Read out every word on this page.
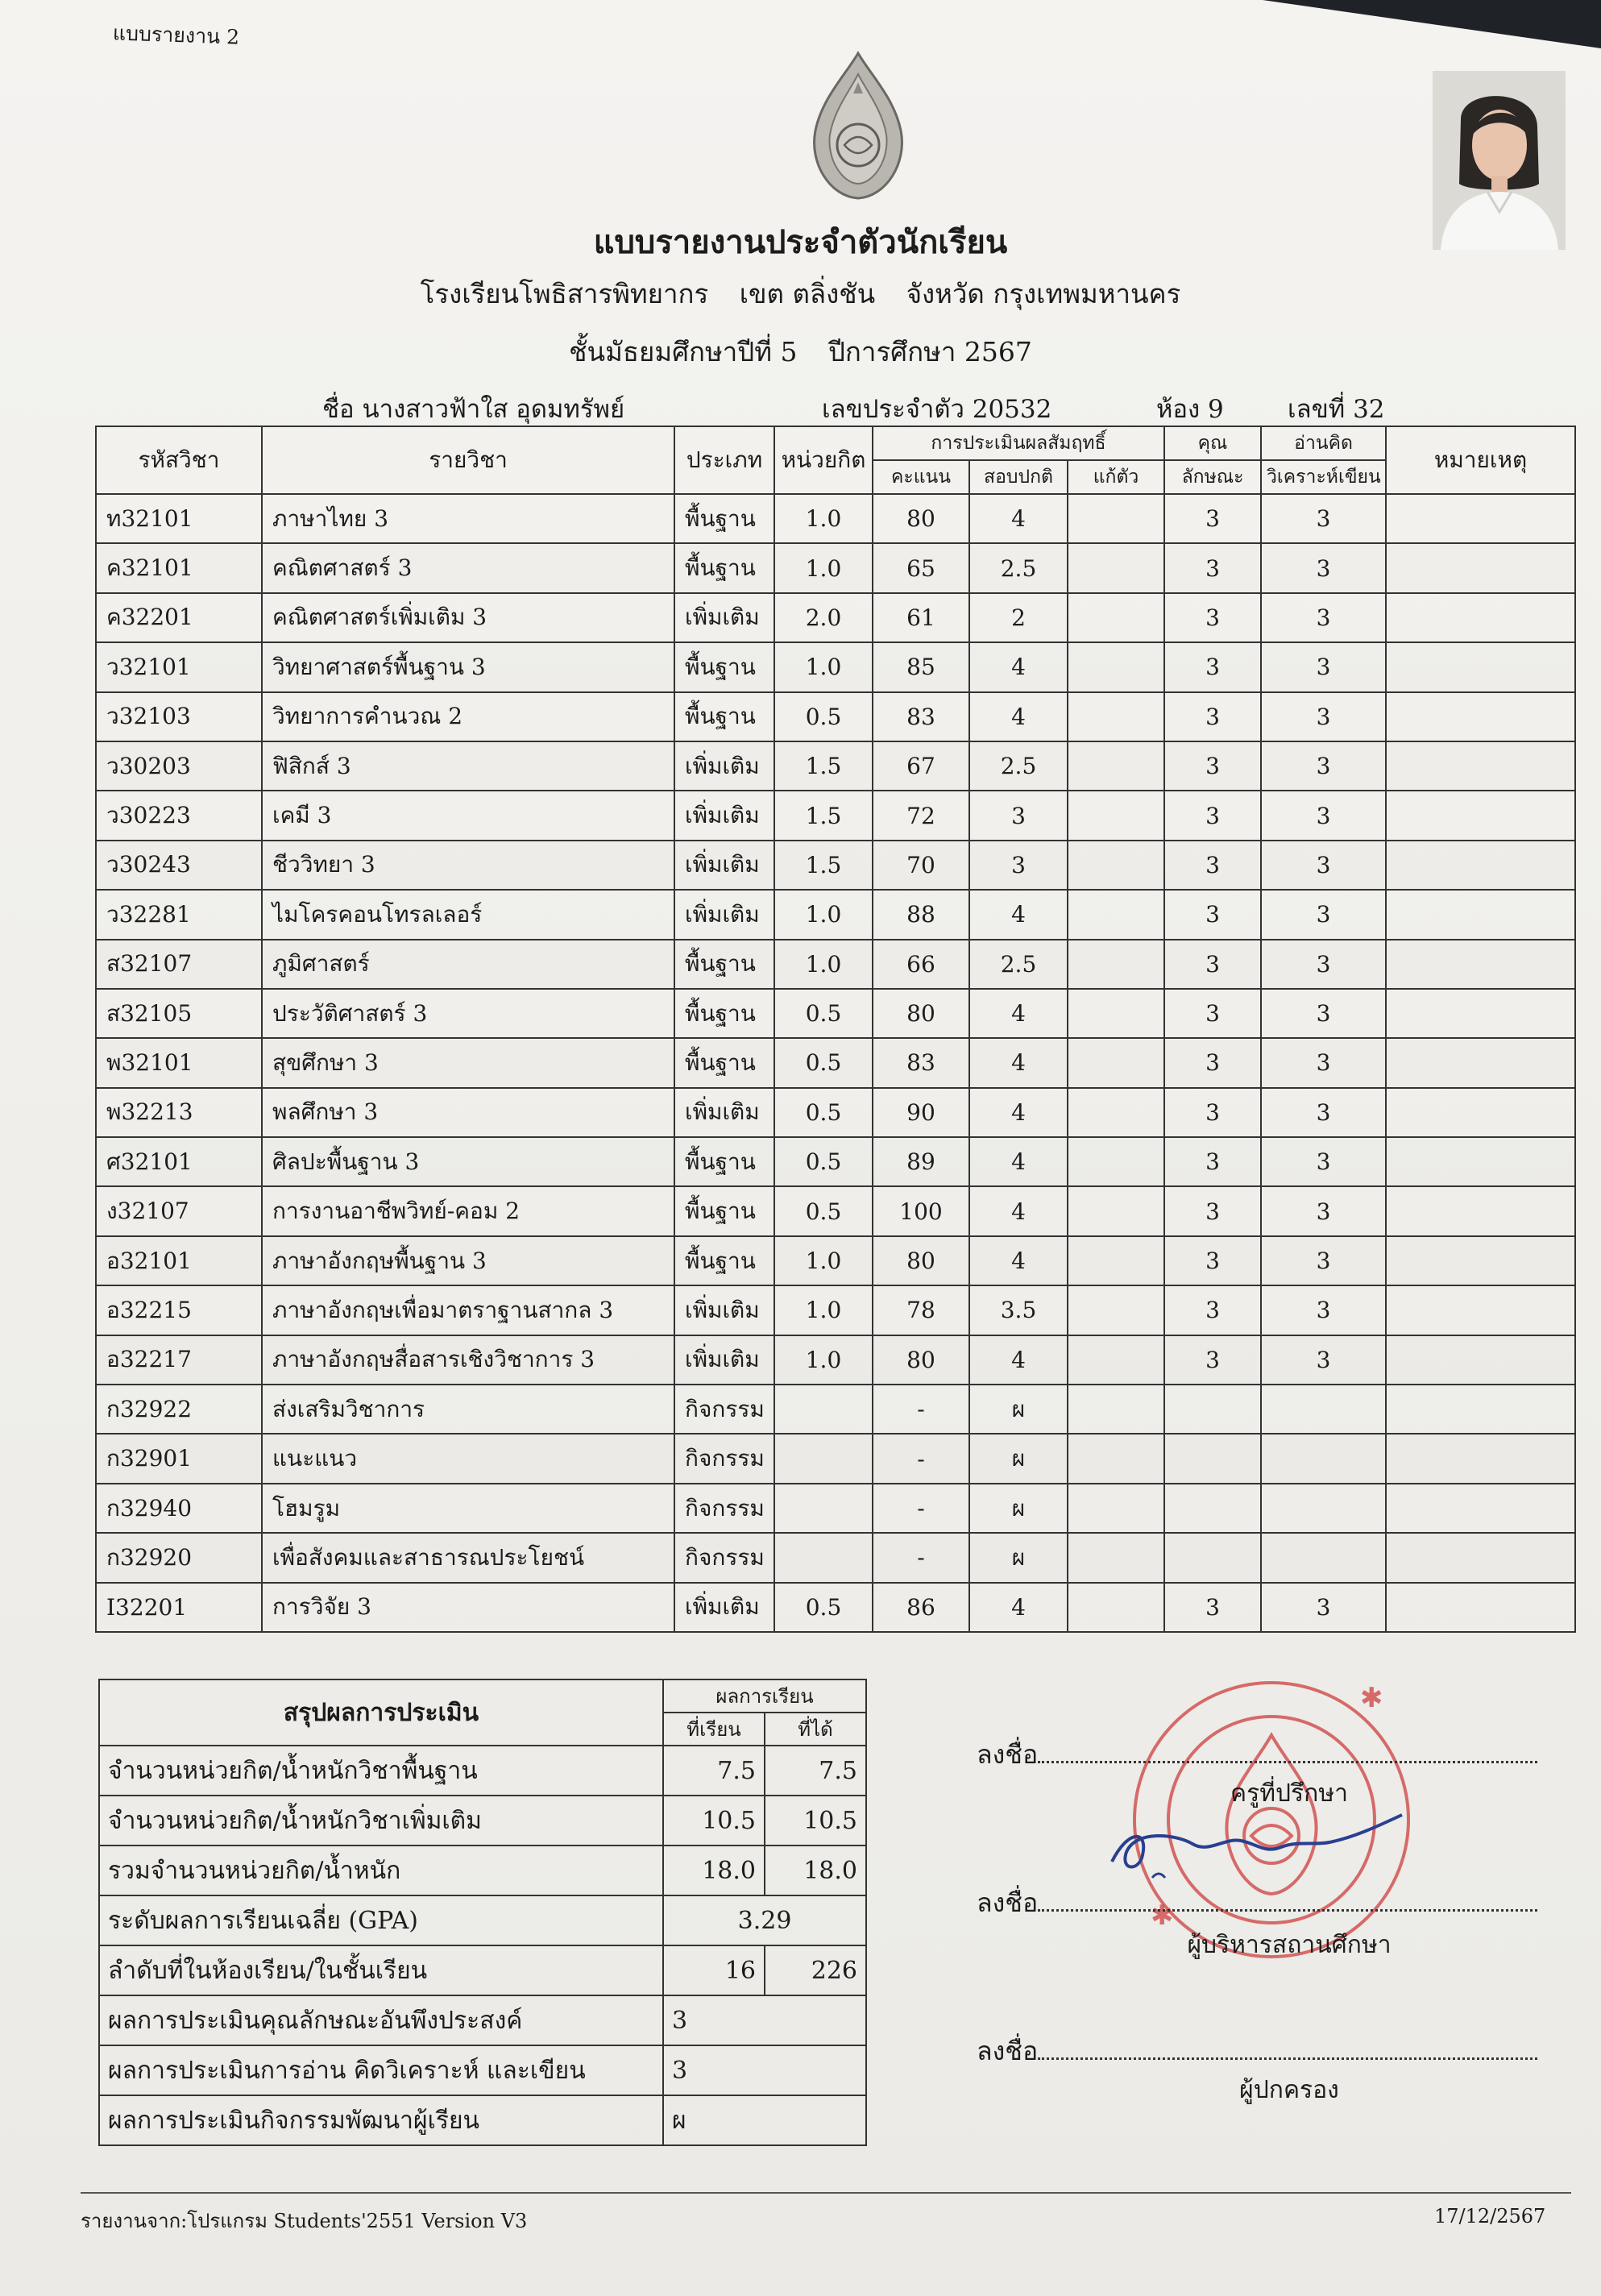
แบบรายงาน 2
แบบรายงานประจำตัวนักเรียน
โรงเรียนโพธิสารพิทยากร เขต ตลิ่งชัน จังหวัด กรุงเทพมหานคร
ชั้นมัธยมศึกษาปีที่ 5 ปีการศึกษา 2567
ชื่อ นางสาวฟ้าใส อุดมทรัพย์	เลขประจำตัว 20532	ห้อง 9	เลขที่ 32
รหัสวิชา	รายวิชา	ประเภท	หน่วยกิต	การประเมินผลสัมฤทธิ์			คุณ	อ่านคิด	หมายเหตุ
				คะแนน	สอบปกติ	แก้ตัว	ลักษณะ	วิเคราะห์เขียน	
ท32101	ภาษาไทย 3	พื้นฐาน	1.0	80	4		3	3	
ค32101	คณิตศาสตร์ 3	พื้นฐาน	1.0	65	2.5		3	3	
ค32201	คณิตศาสตร์เพิ่มเติม 3	เพิ่มเติม	2.0	61	2		3	3	
ว32101	วิทยาศาสตร์พื้นฐาน 3	พื้นฐาน	1.0	85	4		3	3	
ว32103	วิทยาการคำนวณ 2	พื้นฐาน	0.5	83	4		3	3	
ว30203	ฟิสิกส์ 3	เพิ่มเติม	1.5	67	2.5		3	3	
ว30223	เคมี 3	เพิ่มเติม	1.5	72	3		3	3	
ว30243	ชีววิทยา 3	เพิ่มเติม	1.5	70	3		3	3	
ว32281	ไมโครคอนโทรลเลอร์	เพิ่มเติม	1.0	88	4		3	3	
ส32107	ภูมิศาสตร์	พื้นฐาน	1.0	66	2.5		3	3	
ส32105	ประวัติศาสตร์ 3	พื้นฐาน	0.5	80	4		3	3	
พ32101	สุขศึกษา 3	พื้นฐาน	0.5	83	4		3	3	
พ32213	พลศึกษา 3	เพิ่มเติม	0.5	90	4		3	3	
ศ32101	ศิลปะพื้นฐาน 3	พื้นฐาน	0.5	89	4		3	3	
ง32107	การงานอาชีพวิทย์-คอม 2	พื้นฐาน	0.5	100	4		3	3	
อ32101	ภาษาอังกฤษพื้นฐาน 3	พื้นฐาน	1.0	80	4		3	3	
อ32215	ภาษาอังกฤษเพื่อมาตราฐานสากล 3	เพิ่มเติม	1.0	78	3.5		3	3	
อ32217	ภาษาอังกฤษสื่อสารเชิงวิชาการ 3	เพิ่มเติม	1.0	80	4		3	3	
ก32922	ส่งเสริมวิชาการ	กิจกรรม		-	ผ				
ก32901	แนะแนว	กิจกรรม		-	ผ				
ก32940	โฮมรูม	กิจกรรม		-	ผ				
ก32920	เพื่อสังคมและสาธารณประโยชน์	กิจกรรม		-	ผ				
I32201	การวิจัย 3	เพิ่มเติม	0.5	86	4		3	3	
สรุปผลการประเมิน	ผลการเรียน	
	ที่เรียน	ที่ได้
จำนวนหน่วยกิต/น้ำหนักวิชาพื้นฐาน	7.5	7.5
จำนวนหน่วยกิต/น้ำหนักวิชาเพิ่มเติม	10.5	10.5
รวมจำนวนหน่วยกิต/น้ำหนัก	18.0	18.0
ระดับผลการเรียนเฉลี่ย (GPA)	3.29	
ลำดับที่ในห้องเรียน/ในชั้นเรียน	16	226
ผลการประเมินคุณลักษณะอันพึงประสงค์	3	
ผลการประเมินการอ่าน คิดวิเคราะห์ และเขียน	3	
ผลการประเมินกิจกรรมพัฒนาผู้เรียน	ผ	
✱
✱
ลงชื่อ
ครูที่ปรึกษา
ลงชื่อ
ผู้บริหารสถานศึกษา
ลงชื่อ
ผู้ปกครอง
รายงานจาก:โปรแกรม Students'2551 Version V3	17/12/2567
